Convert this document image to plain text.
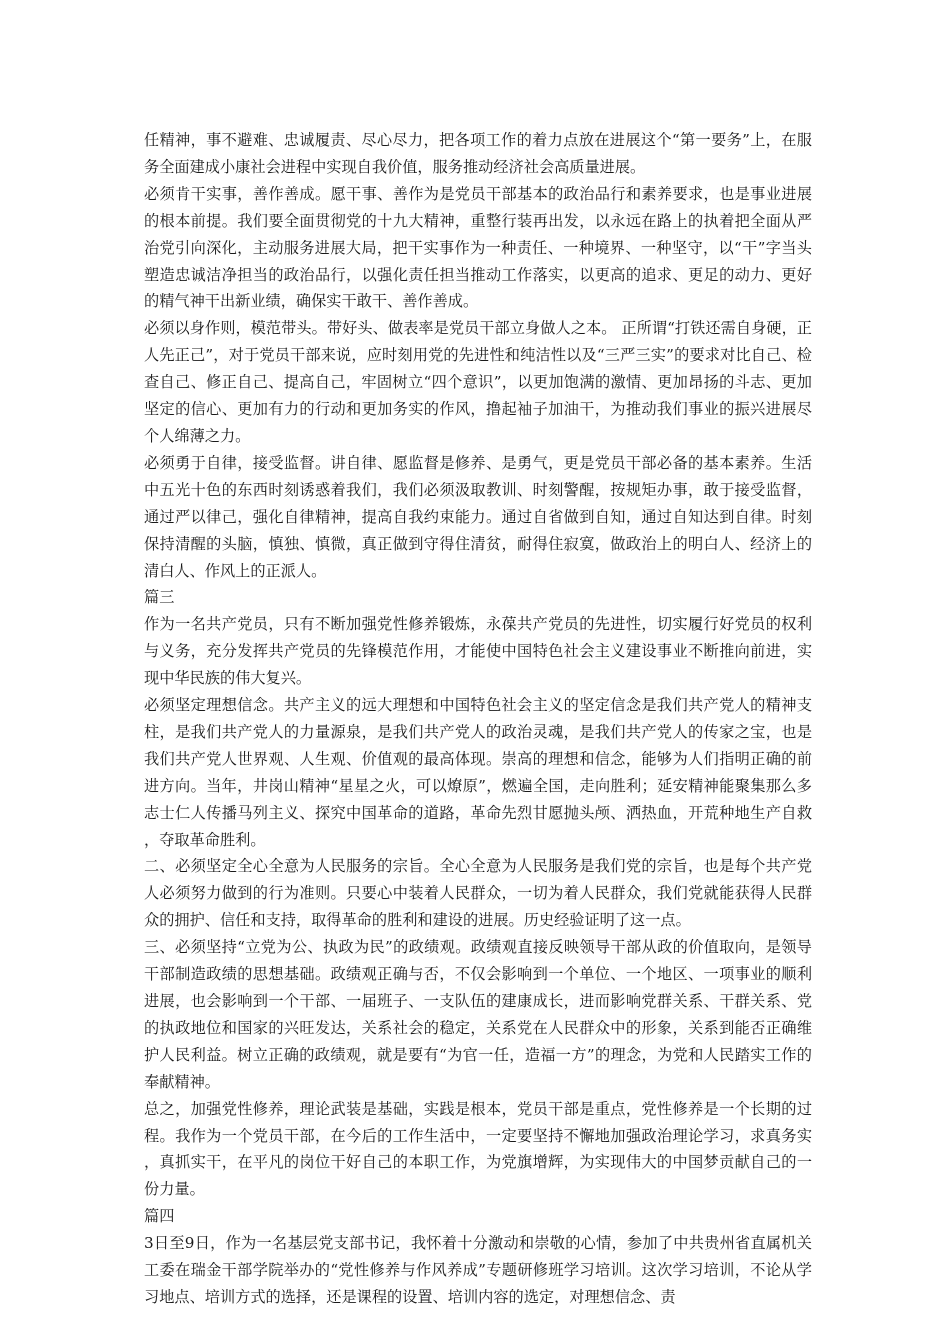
任精神，事不避难、忠诚履责、尽心尽力，把各项工作的着力点放在进展这个“第一要务”上，在服务全面建成小康社会进程中实现自我价值，服务推动经济社会高质量进展。

必须肯干实事，善作善成。愿干事、善作为是党员干部基本的政治品行和素养要求，也是事业进展的根本前提。我们要全面贯彻党的十九大精神，重整行装再出发，以永远在路上的执着把全面从严治党引向深化，主动服务进展大局，把干实事作为一种责任、一种境界、一种坚守，以“干”字当头塑造忠诚洁净担当的政治品行，以强化责任担当推动工作落实，以更高的追求、更足的动力、更好的精气神干出新业绩，确保实干敢干、善作善成。

必须以身作则，模范带头。带好头、做表率是党员干部立身做人之本。 正所谓“打铁还需自身硬，正人先正己”，对于党员干部来说，应时刻用党的先进性和纯洁性以及“三严三实”的要求对比自己、检查自己、修正自己、提高自己，牢固树立“四个意识”，以更加饱满的激情、更加昂扬的斗志、更加坚定的信心、更加有力的行动和更加务实的作风，撸起袖子加油干，为推动我们事业的振兴进展尽个人绵薄之力。

必须勇于自律，接受监督。讲自律、愿监督是修养、是勇气，更是党员干部必备的基本素养。生活中五光十色的东西时刻诱惑着我们，我们必须汲取教训、时刻警醒，按规矩办事，敢于接受监督，通过严以律己，强化自律精神，提高自我约束能力。通过自省做到自知，通过自知达到自律。时刻保持清醒的头脑，慎独、慎微，真正做到守得住清贫，耐得住寂寞，做政治上的明白人、经济上的清白人、作风上的正派人。

篇三

作为一名共产党员，只有不断加强党性修养锻炼，永葆共产党员的先进性，切实履行好党员的权利与义务，充分发挥共产党员的先锋模范作用，才能使中国特色社会主义建设事业不断推向前进，实现中华民族的伟大复兴。

必须坚定理想信念。共产主义的远大理想和中国特色社会主义的坚定信念是我们共产党人的精神支柱，是我们共产党人的力量源泉，是我们共产党人的政治灵魂，是我们共产党人的传家之宝，也是我们共产党人世界观、人生观、价值观的最高体现。崇高的理想和信念，能够为人们指明正确的前进方向。当年，井岗山精神“星星之火，可以燎原”，燃遍全国，走向胜利；延安精神能聚集那么多志士仁人传播马列主义、探究中国革命的道路，革命先烈甘愿抛头颅、洒热血，开荒种地生产自救，夺取革命胜利。

二、必须坚定全心全意为人民服务的宗旨。全心全意为人民服务是我们党的宗旨，也是每个共产党人必须努力做到的行为准则。只要心中装着人民群众，一切为着人民群众，我们党就能获得人民群众的拥护、信任和支持，取得革命的胜利和建设的进展。历史经验证明了这一点。

三、必须坚持“立党为公、执政为民”的政绩观。政绩观直接反映领导干部从政的价值取向，是领导干部制造政绩的思想基础。政绩观正确与否，不仅会影响到一个单位、一个地区、一项事业的顺利进展，也会影响到一个干部、一届班子、一支队伍的建康成长，进而影响党群关系、干群关系、党的执政地位和国家的兴旺发达，关系社会的稳定，关系党在人民群众中的形象，关系到能否正确维护人民利益。树立正确的政绩观，就是要有“为官一任，造福一方”的理念，为党和人民踏实工作的奉献精神。

总之，加强党性修养，理论武装是基础，实践是根本，党员干部是重点，党性修养是一个长期的过程。我作为一个党员干部，在今后的工作生活中，一定要坚持不懈地加强政治理论学习，求真务实，真抓实干，在平凡的岗位干好自己的本职工作，为党旗增辉，为实现伟大的中国梦贡献自己的一份力量。

篇四

3日至9日，作为一名基层党支部书记，我怀着十分激动和崇敬的心情，参加了中共贵州省直属机关工委在瑞金干部学院举办的“党性修养与作风养成”专题研修班学习培训。这次学习培训，不论从学习地点、培训方式的选择，还是课程的设置、培训内容的选定，对理想信念、责
